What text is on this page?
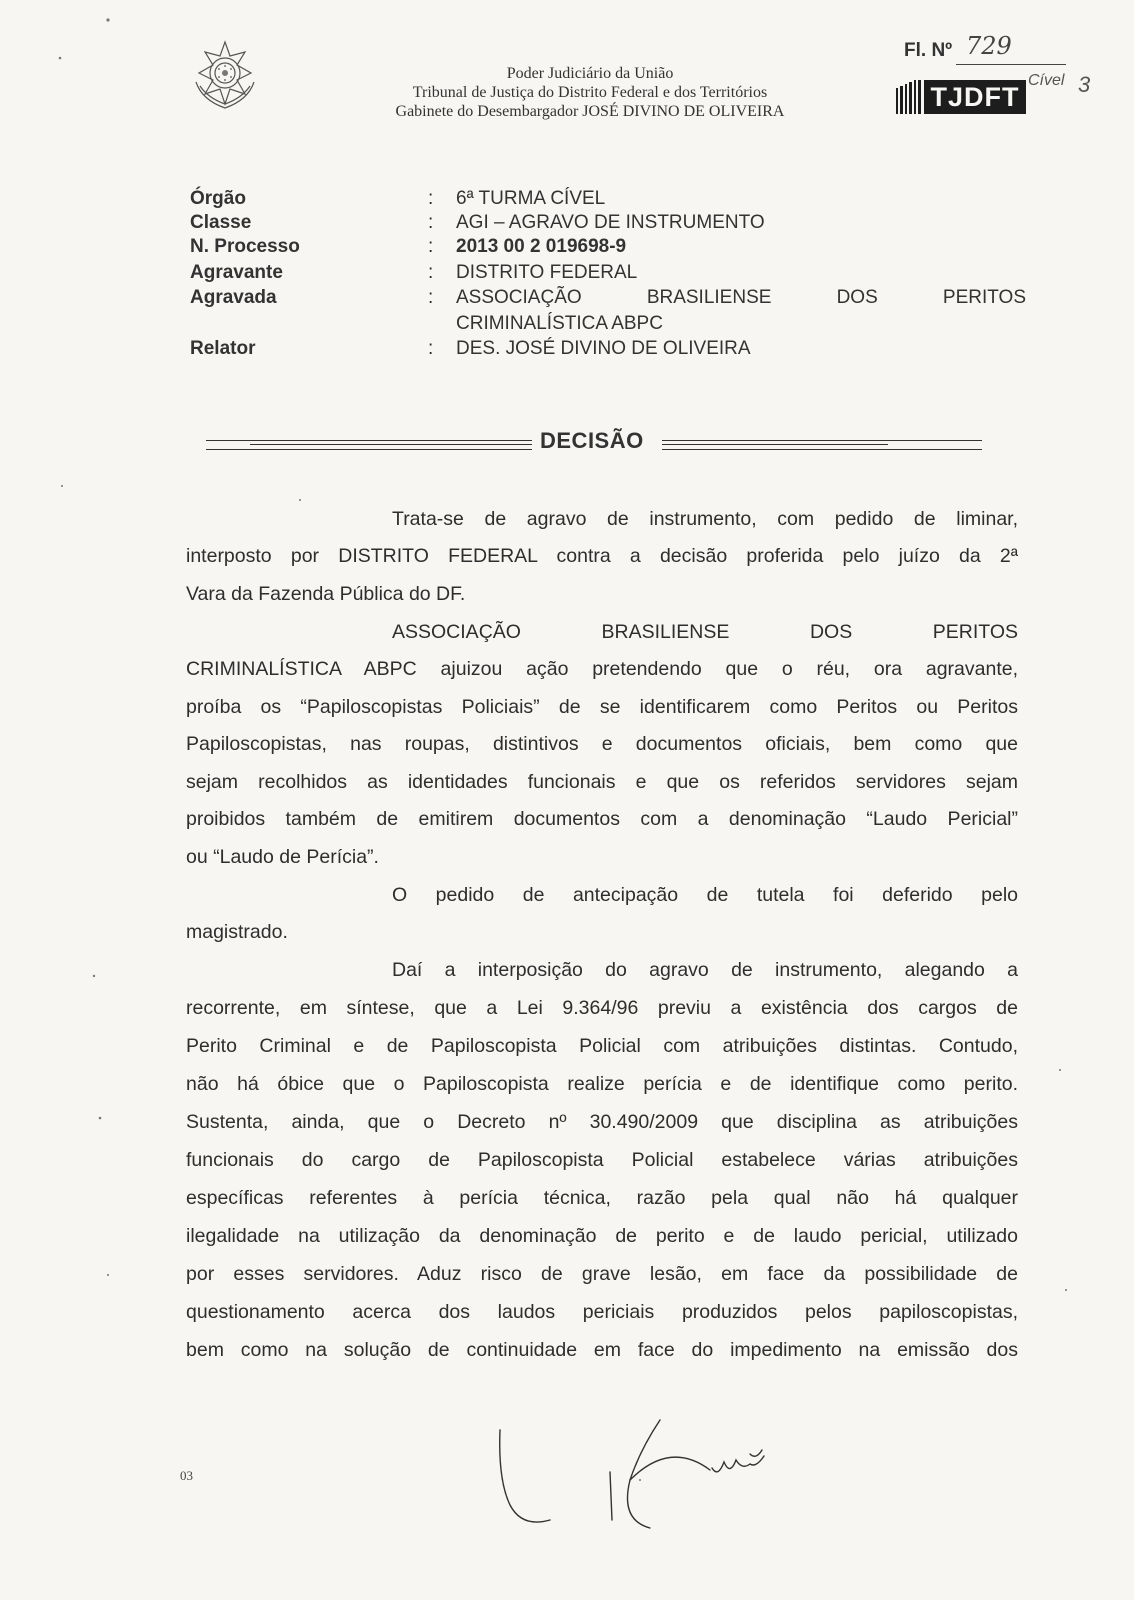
Poder Judiciário da União
Tribunal de Justiça do Distrito Federal e dos Territórios
Gabinete do Desembargador JOSÉ DIVINO DE OLIVEIRA
Fl. Nº 729
TJDFT
Cível 3
Órgão	: 6ª TURMA CÍVEL
Classe	: AGI – AGRAVO DE INSTRUMENTO
N. Processo	: 2013 00 2 019698-9
Agravante	: DISTRITO FEDERAL
Agravada	: ASSOCIAÇÃO BRASILIENSE DOS PERITOS
CRIMINALÍSTICA ABPC
Relator	: DES. JOSÉ DIVINO DE OLIVEIRA
DECISÃO
Trata-se de agravo de instrumento, com pedido de liminar,
interposto por DISTRITO FEDERAL contra a decisão proferida pelo juízo da 2ª
Vara da Fazenda Pública do DF.
ASSOCIAÇÃO BRASILIENSE DOS PERITOS
CRIMINALÍSTICA ABPC ajuizou ação pretendendo que o réu, ora agravante,
proíba os “Papiloscopistas Policiais” de se identificarem como Peritos ou Peritos
Papiloscopistas, nas roupas, distintivos e documentos oficiais, bem como que
sejam recolhidos as identidades funcionais e que os referidos servidores sejam
proibidos também de emitirem documentos com a denominação “Laudo Pericial”
ou “Laudo de Perícia”.
O pedido de antecipação de tutela foi deferido pelo
magistrado.
Daí a interposição do agravo de instrumento, alegando a
recorrente, em síntese, que a Lei 9.364/96 previu a existência dos cargos de
Perito Criminal e de Papiloscopista Policial com atribuições distintas. Contudo,
não há óbice que o Papiloscopista realize perícia e de identifique como perito.
Sustenta, ainda, que o Decreto nº 30.490/2009 que disciplina as atribuições
funcionais do cargo de Papiloscopista Policial estabelece várias atribuições
específicas referentes à perícia técnica, razão pela qual não há qualquer
ilegalidade na utilização da denominação de perito e de laudo pericial, utilizado
por esses servidores. Aduz risco de grave lesão, em face da possibilidade de
questionamento acerca dos laudos periciais produzidos pelos papiloscopistas,
bem como na solução de continuidade em face do impedimento na emissão dos
03
